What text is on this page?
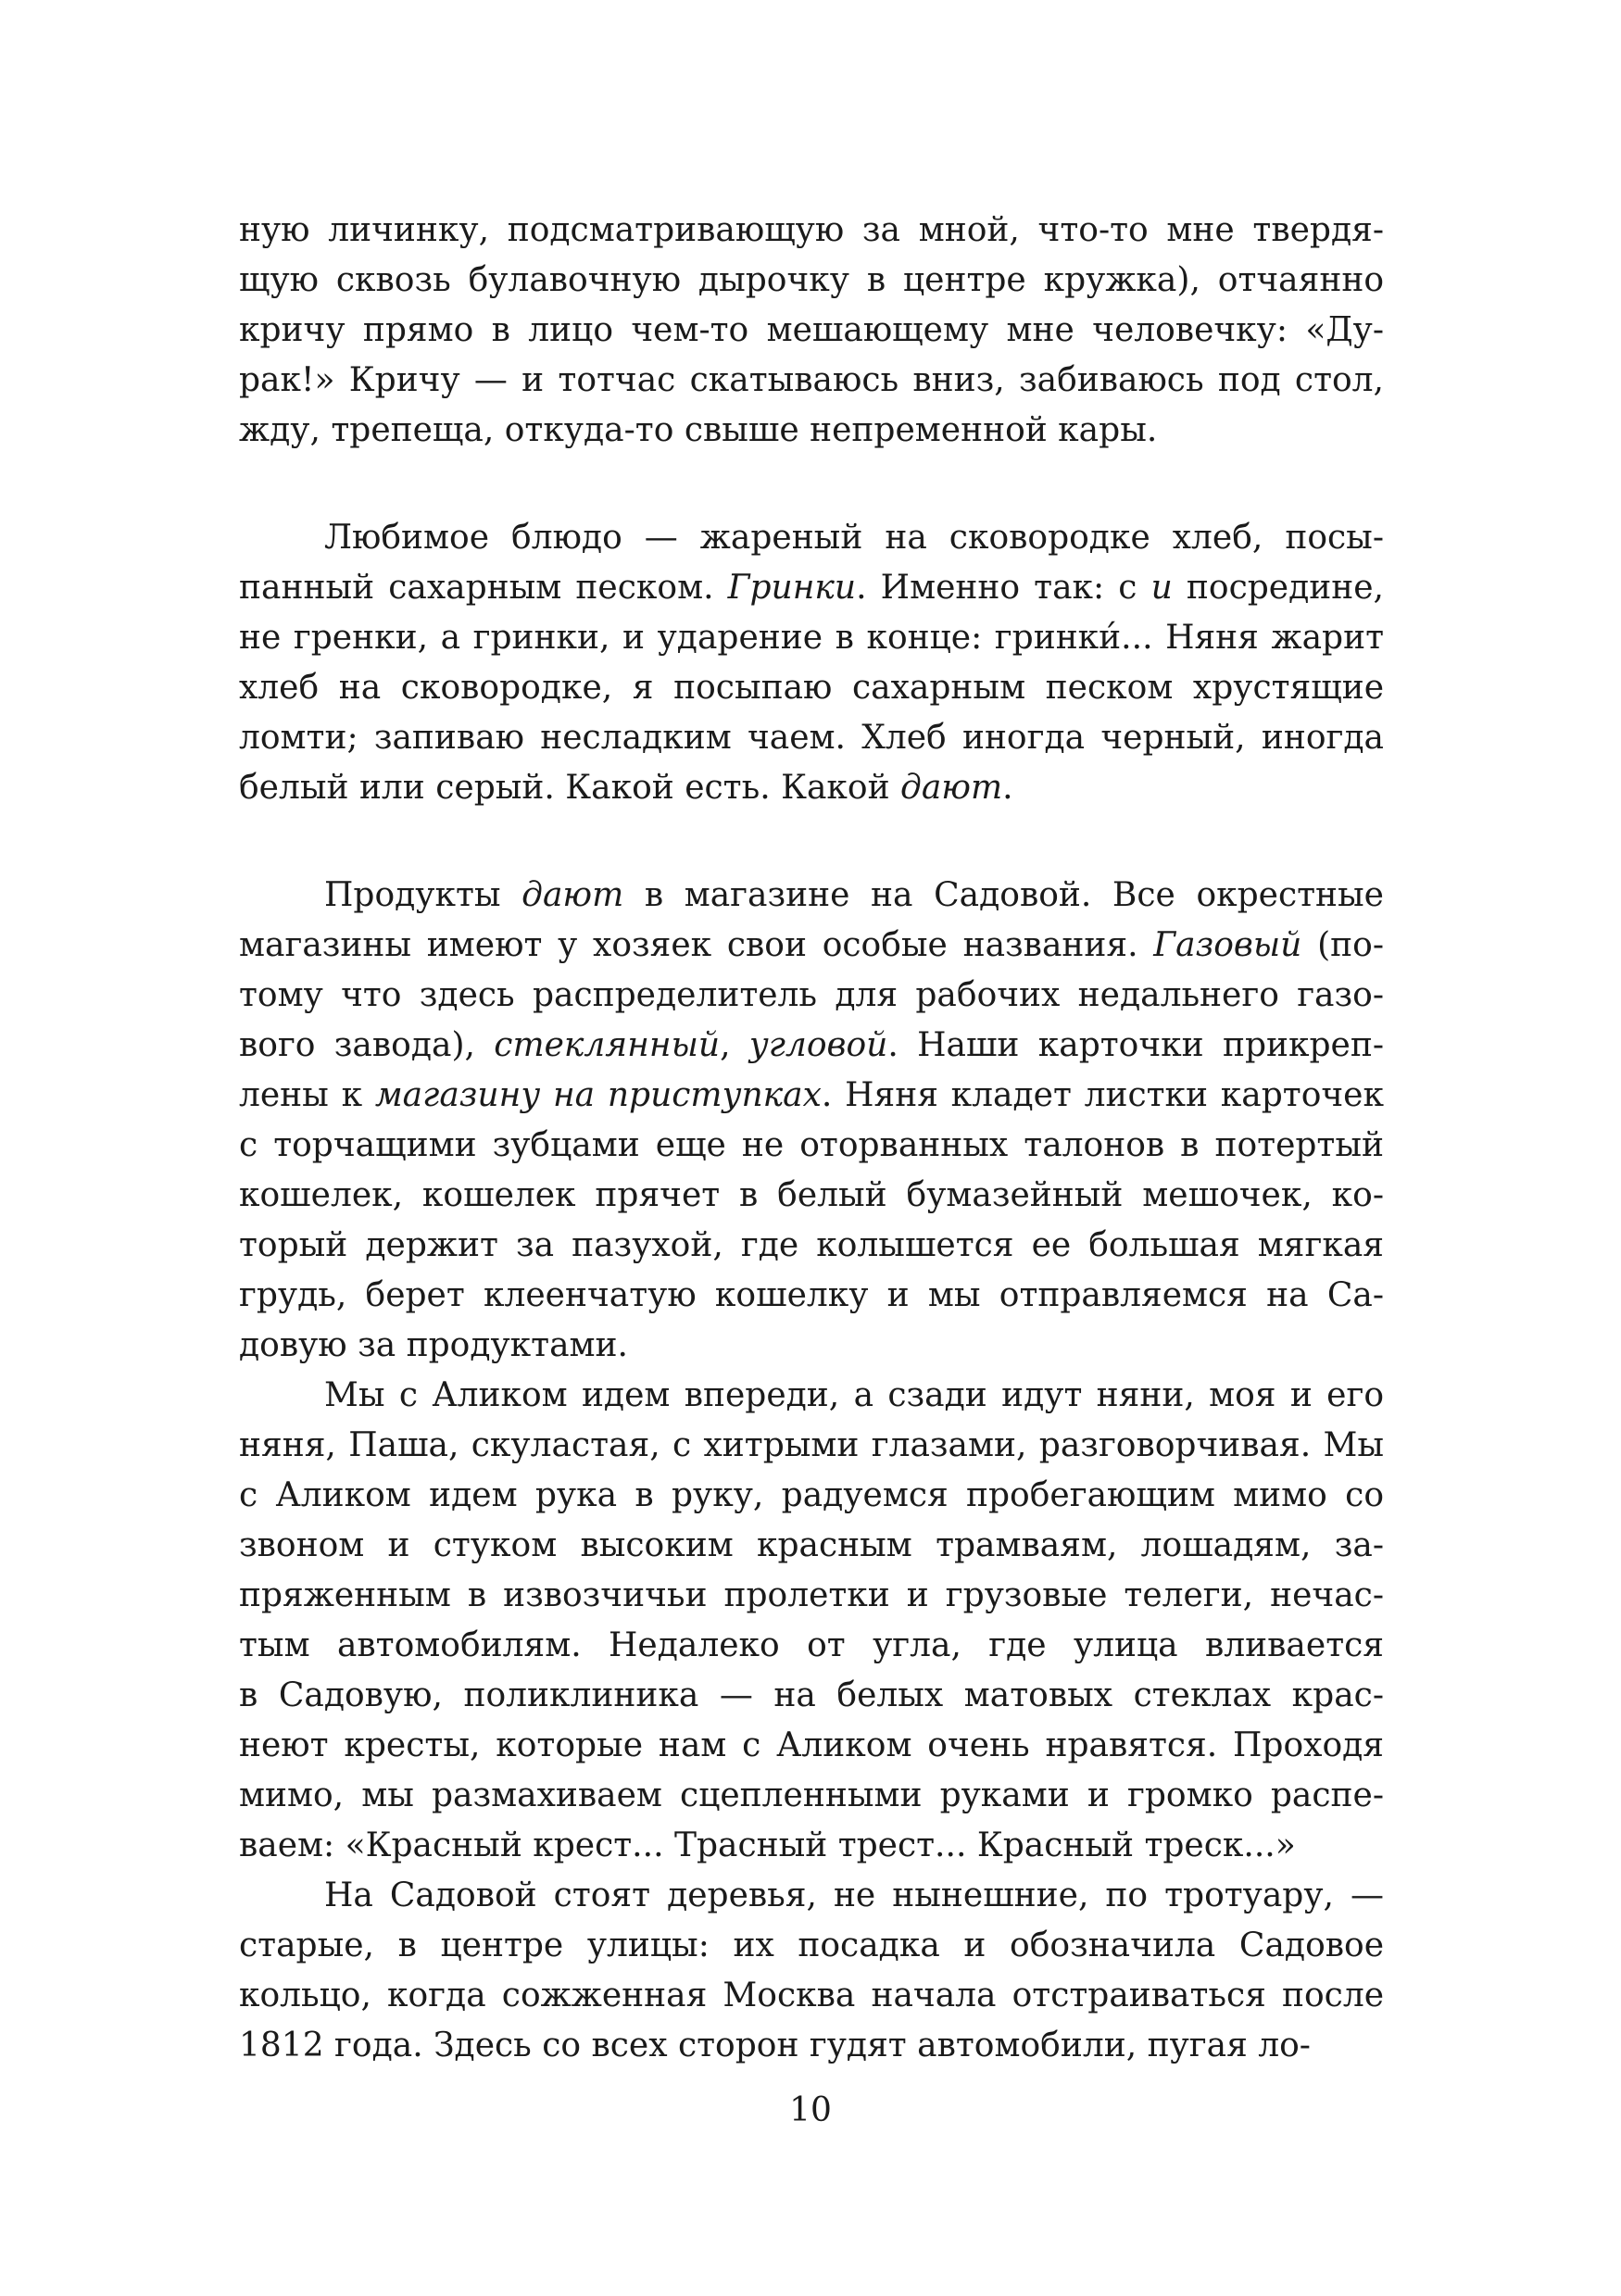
ную личинку, подсматривающую за мной, что-то мне твердя-
щую сквозь булавочную дырочку в центре кружка), отчаянно
кричу прямо в лицо чем-то мешающему мне человечку: «Ду-
рак!» Кричу — и тотчас скатываюсь вниз, забиваюсь под стол,
жду, трепеща, откуда-то свыше непременной кары.
Любимое блюдо — жареный на сковородке хлеб, посы-
панный сахарным песком. Гринки. Именно так: с и посредине,
не гренки, а гринки, и ударение в конце: гринки́... Няня жарит
хлеб на сковородке, я посыпаю сахарным песком хрустящие
ломти; запиваю несладким чаем. Хлеб иногда черный, иногда
белый или серый. Какой есть. Какой дают.
Продукты дают в магазине на Садовой. Все окрестные
магазины имеют у хозяек свои особые названия. Газовый (по-
тому что здесь распределитель для рабочих недальнего газо-
вого завода), стеклянный, угловой. Наши карточки прикреп-
лены к магазину на приступках. Няня кладет листки карточек
с торчащими зубцами еще не оторванных талонов в потертый
кошелек, кошелек прячет в белый бумазейный мешочек, ко-
торый держит за пазухой, где колышется ее большая мягкая
грудь, берет клеенчатую кошелку и мы отправляемся на Са-
довую за продуктами.
Мы с Аликом идем впереди, а сзади идут няни, моя и его
няня, Паша, скуластая, с хитрыми глазами, разговорчивая. Мы
с Аликом идем рука в руку, радуемся пробегающим мимо со
звоном и стуком высоким красным трамваям, лошадям, за-
пряженным в извозчичьи пролетки и грузовые телеги, нечас-
тым автомобилям. Недалеко от угла, где улица вливается
в Садовую, поликлиника — на белых матовых стеклах крас-
неют кресты, которые нам с Аликом очень нравятся. Проходя
мимо, мы размахиваем сцепленными руками и громко распе-
ваем: «Красный крест... Трасный трест... Красный треск...»
На Садовой стоят деревья, не нынешние, по тротуару, —
старые, в центре улицы: их посадка и обозначила Садовое
кольцо, когда сожженная Москва начала отстраиваться после
1812 года. Здесь со всех сторон гудят автомобили, пугая ло-
10
